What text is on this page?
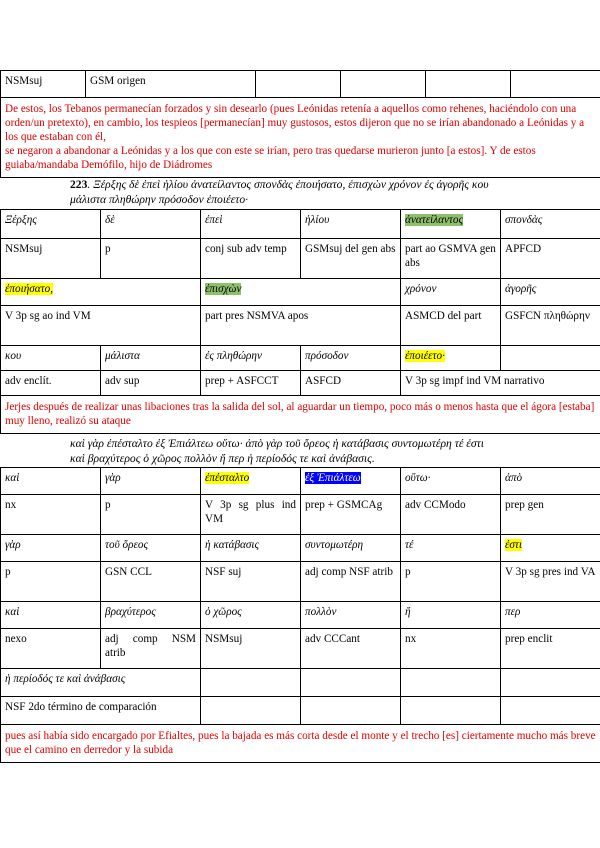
NSMsuj	GSM origen				

De estos, los Tebanos permanecían forzados y sin desearlo (pues Leónidas retenía a aquellos como rehenes, haciéndolo con una orden/un pretexto), en cambio, los tespieos [permanecían] muy gustosos, estos dijeron que no se irían abandonado a Leónidas y a los que estaban con él,
se negaron a abandonar a Leónidas y a los que con este se irían, pero tras quedarse murieron junto [a estos]. Y de estos guiaba/mandaba Demófilo, hijo de Diádromes
223. Ξέρξης δὲ ἐπεὶ ἡλίου ἀνατείλαντος σπονδὰς ἐποιήσατο, ἐπισχὼν χρόνον ἐς ἀγορῆς κου
μάλιστα πληθώρην πρόσοδον ἐποιέετο·
Ξέρξης	δὲ	ἐπεὶ	ἡλίου	ἀνατείλαντος	σπονδὰς
NSMsuj	p	conj sub adv temp	GSMsuj del gen abs	part ao GSMVA gen abs	APFCD
ἐποιήσατο,		ἐπισχὼν		χρόνον	ἀγορῆς
V 3p sg ao ind VM		part pres NSMVA apos		ASMCD del part	GSFCN πληθώρην
κου	μάλιστα	ἐς πληθώρην	πρόσοδον	ἐποιέετο·	
adv enclít.	adv sup	prep + ASFCCT	ASFCD	V 3p sg impf ind VM narrativo	
Jerjes después de realizar unas libaciones tras la salida del sol, al aguardar un tiempo, poco más o menos hasta que el ágora [estaba] muy lleno, realizó su ataque					
καὶ γὰρ ἐπέσταλτο ἐξ Ἐπιάλτεω οὕτω· ἀπὸ γὰρ τοῦ ὄρεος ἡ κατάβασις συντομωτέρη τέ ἐστι
καὶ βραχύτερος ὁ χῶρος πολλὸν ἤ περ ἡ περίοδός τε καὶ ἀνάβασις.
καὶ	γὰρ	ἐπέσταλτο	ἐξ Ἐπιάλτεω	οὕτω·	ἀπὸ
nx	p	V 3p sg plus ind VM	prep + GSMCAg	adv CCModo	prep gen
γὰρ	τοῦ ὄρεος	ἡ κατάβασις	συντομωτέρη	τέ	ἐστι
p	GSN CCL	NSF suj	adj comp NSF atrib	p	V 3p sg pres ind VA
καὶ	βραχύτερος	ὁ χῶρος	πολλὸν	ἤ	περ
nexo	adj comp NSM atrib	NSMsuj	adv CCCant	nx	prep enclit
ἡ περίοδός τε καὶ ἀνάβασις					
NSF 2do término de comparación					
pues así había sido encargado por Efialtes, pues la bajada es más corta desde el monte y el trecho [es] ciertamente mucho más breve que el camino en derredor y la subida					
